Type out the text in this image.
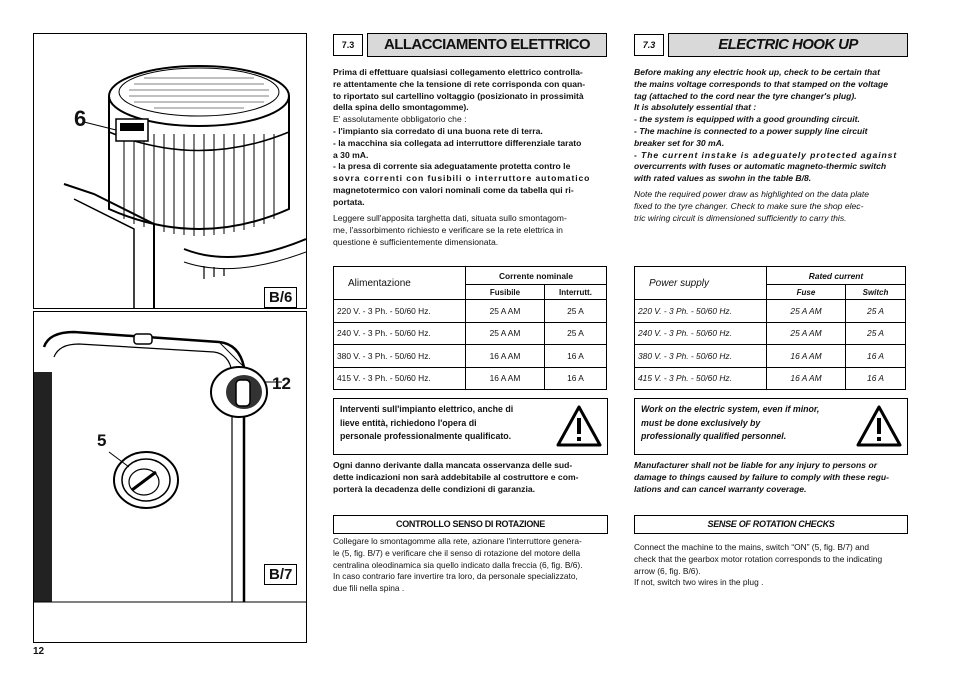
6
B/6
12
5
B/7
12
7.3	ALLACCIAMENTO ELETTRICO

Prima di effettuare qualsiasi collegamento elettrico controlla-

re attentamente che la tensione di rete corrisponda con quan-

to riportato sul cartellino voltaggio (posizionato in prossimità

della spina dello smontagomme).

E' assolutamente obbligatorio che :

- l'impianto sia corredato di una buona rete di terra.

- la macchina sia collegata ad interruttore differenziale tarato

a 30 mA.

- la presa di corrente sia adeguatamente protetta contro le

sovra correnti con fusibili o interruttore automatico

magnetotermico con valori nominali come da tabella qui ri-

portata.

Leggere sull'apposita targhetta dati, situata sullo smontagom-

me, l'assorbimento richiesto e verificare se la rete elettrica in

questione è sufficientemente dimensionata.

Alimentazione	Corrente nominale	
	Fusibile	Interrutt.
220 V. - 3 Ph. - 50/60 Hz.	25 A AM	25 A
240 V. - 3 Ph. - 50/60 Hz.	25 A AM	25 A
380 V. - 3 Ph. - 50/60 Hz.	16 A AM	16 A
415 V. - 3 Ph. - 50/60 Hz.	16 A AM	16 A
Interventi sull'impianto elettrico, anche di
lieve entità, richiedono l'opera di
personale professionalmente qualificato.

Ogni danno derivante dalla mancata osservanza delle sud-

dette indicazioni non sarà addebitabile al costruttore e com-

porterà la decadenza delle condizioni di garanzia.

CONTROLLO SENSO DI ROTAZIONE

Collegare lo smontagomme alla rete, azionare l'interruttore genera-

le (5, fig. B/7) e verificare che il senso di rotazione del motore della

centralina oleodinamica sia quello indicato dalla freccia (6, fig. B/6).

In caso contrario fare invertire tra loro, da personale specializzato,

due fili nella spina .

7.3	ELECTRIC HOOK UP

Before making any electric hook up, check to be certain that

the mains voltage corresponds to that stamped on the voltage

tag (attached to the cord near the tyre changer's plug).

It is absolutely essential that :

- the system is equipped with a good grounding circuit.

- The machine is connected to a power supply line circuit

breaker set for 30 mA.

- The current instake is adeguately protected against

overcurrents with fuses or automatic magneto-thermic switch

with rated values as swohn in the table B/8.

Note the required power draw as highlighted on the data plate

fixed to the tyre changer. Check to make sure the shop elec-

tric wiring circuit is dimensioned sufficiently to carry this.

Power supply	Rated current	
	Fuse	Switch
220 V. - 3 Ph. - 50/60 Hz.	25 A AM	25 A
240 V. - 3 Ph. - 50/60 Hz.	25 A AM	25 A
380 V. - 3 Ph. - 50/60 Hz.	16 A AM	16 A
415 V. - 3 Ph. - 50/60 Hz.	16 A AM	16 A
Work on the electric system, even if minor,
must be done exclusively by
professionally qualified personnel.

Manufacturer shall not be liable for any injury to persons or

damage to things caused by failure to comply with these regu-

lations and can cancel warranty coverage.

SENSE OF ROTATION CHECKS

Connect the machine to the mains, switch “ON” (5, fig. B/7) and

check that the gearbox motor rotation corresponds to the indicating

arrow (6, fig. B/6).

If not, switch two wires in the plug .
